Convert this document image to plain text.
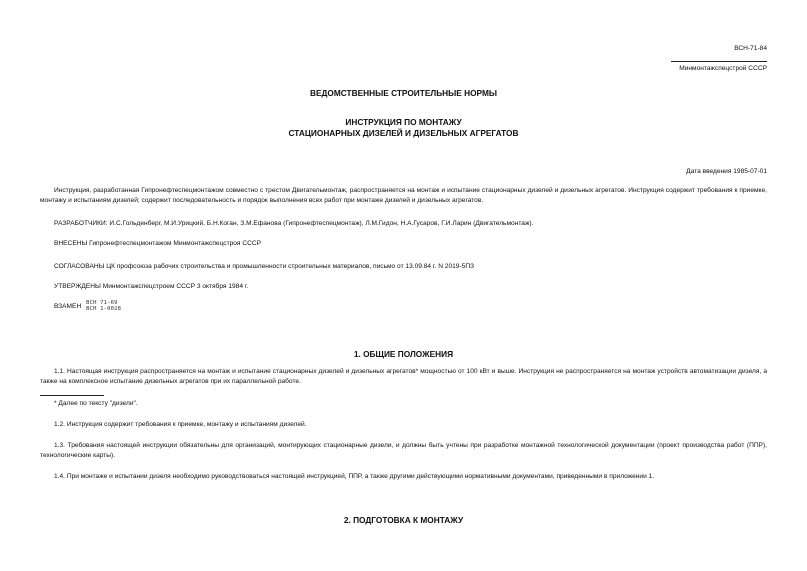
ВСН-71-84
Минмонтажспецстрой СССР
ВЕДОМСТВЕННЫЕ СТРОИТЕЛЬНЫЕ НОРМЫ
ИНСТРУКЦИЯ ПО МОНТАЖУ
СТАЦИОНАРНЫХ ДИЗЕЛЕЙ И ДИЗЕЛЬНЫХ АГРЕГАТОВ
Дата введения 1985-07-01
Инструкция, разработанная Гипронефтеспецмонтажом совместно с трестом Двигательмонтаж, распространяется на монтаж и испытание стационарных дизелей и дизельных агрегатов. Инструкция содержит требования к приемке, монтажу и испытаниям дизелей; содержит последовательность и порядок выполнения всех работ при монтаже дизелей и дизельных агрегатов.
РАЗРАБОТЧИКИ: И.С.Гольденберг, М.И.Урицкий, Б.Н.Коган, З.М.Ефанова (Гипронефтеспецмонтаж), Л.М.Гидон, Н.А.Гусаров, Г.И.Ларин (Двигательмонтаж).
ВНЕСЕНЫ Гипронефтеспецмонтажом Минмонтажспецстроя СССР
СОГЛАСОВАНЫ ЦК профсоюза рабочих строительства и промышленности строительных материалов, письмо от 13.09.84 г. N 2019-5ПЗ
УТВЕРЖДЕНЫ Минмонтажспецстроем СССР 3 октября 1984 г.
ВЗАМЕН ВСН 71-69
ВСН 1-0028
1. ОБЩИЕ ПОЛОЖЕНИЯ
1.1. Настоящая инструкция распространяется на монтаж и испытание стационарных дизелей и дизельных агрегатов* мощностью от 100 кВт и выше. Инструкция не распространяется на монтаж устройств автоматизации дизеля, а также на комплексное испытание дизельных агрегатов при их параллельной работе.
* Далее по тексту "дизели".
1.2. Инструкция содержит требования к приемке, монтажу и испытаниям дизелей.
1.3. Требования настоящей инструкции обязательны для организаций, монтирующих стационарные дизели, и должны быть учтены при разработке монтажной технологической документации (проект производства работ (ППР), технологические карты).
1.4. При монтаже и испытании дизеля необходимо руководствоваться настоящей инструкцией, ППР, а также другими действующими нормативными документами, приведенными в приложении 1.
2. ПОДГОТОВКА К МОНТАЖУ
